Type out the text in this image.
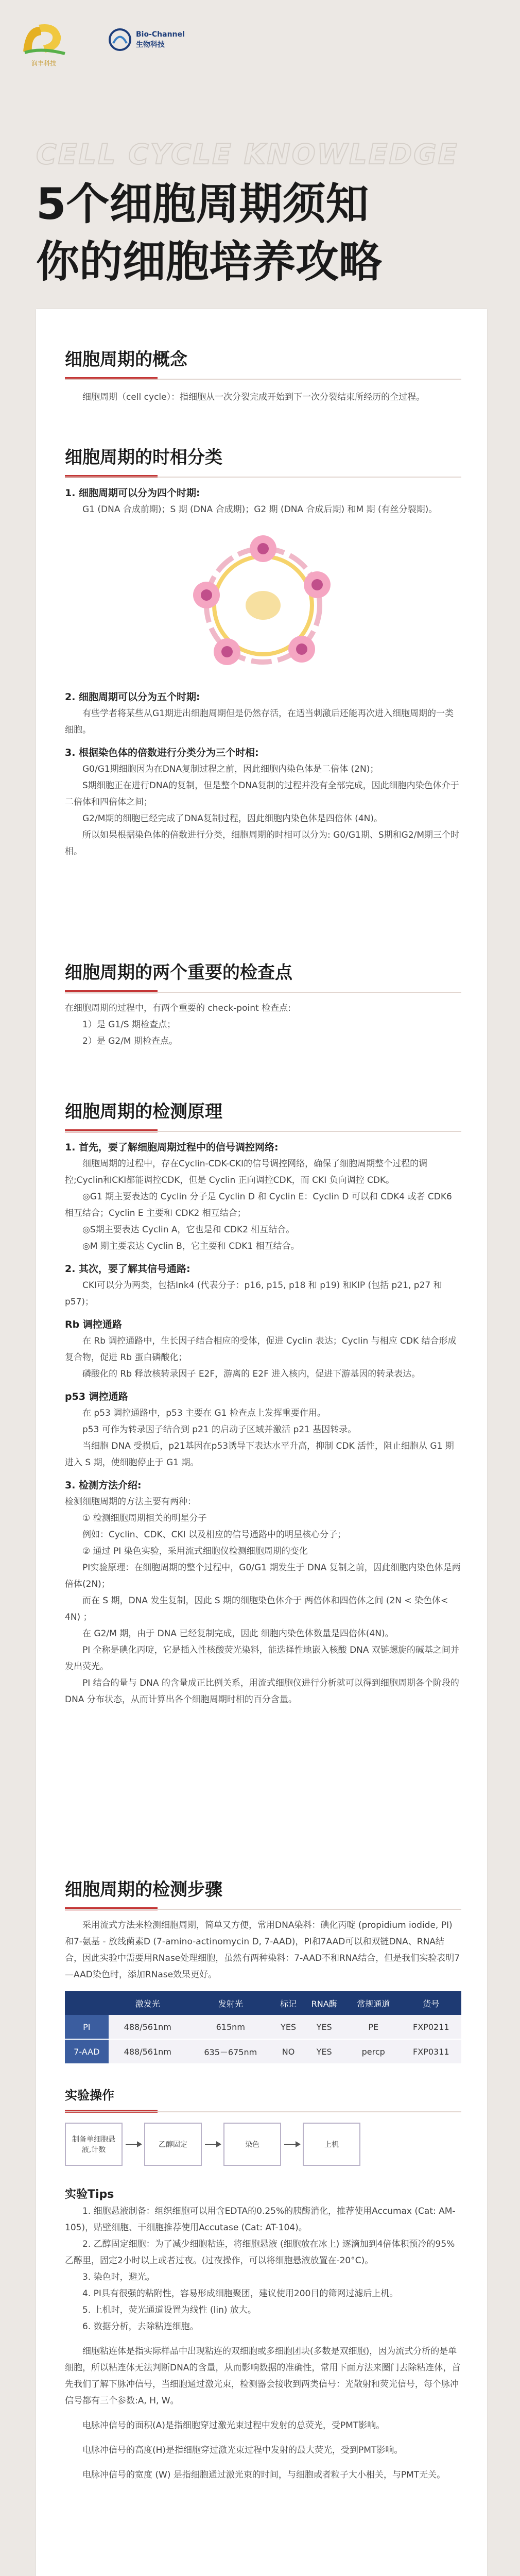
润丰科技
Bio-Channel
生物科技
CELL CYCLE KNOWLEDGE
5个细胞周期须知
你的细胞培养攻略
细胞周期的概念

细胞周期（cell cycle）：指细胞从一次分裂完成开始到下一次分裂结束所经历的全过程。

细胞周期的时相分类

1. 细胞周期可以分为四个时期:

G1 (DNA 合成前期)；S 期 (DNA 合成期)；G2 期 (DNA 合成后期) 和M 期 (有丝分裂期)。

2. 细胞周期可以分为五个时期:

有些学者将某些从G1期进出细胞周期但是仍然存活，在适当刺激后还能再次进入细胞周期的一类细胞。

3. 根据染色体的倍数进行分类分为三个时相:

G0/G1期细胞因为在DNA复制过程之前，因此细胞内染色体是二倍体 (2N)；

S期细胞正在进行DNA的复制，但是整个DNA复制的过程并没有全部完成，因此细胞内染色体介于二倍体和四倍体之间；

G2/M期的细胞已经完成了DNA复制过程，因此细胞内染色体是四倍体 (4N)。

所以如果根据染色体的倍数进行分类，细胞周期的时相可以分为: G0/G1期、S期和G2/M期三个时相。

细胞周期的两个重要的检查点

在细胞周期的过程中，有两个重要的 check-point 检查点:

1）是 G1/S 期检查点；

2）是 G2/M 期检查点。

细胞周期的检测原理

1. 首先，要了解细胞周期过程中的信号调控网络:

细胞周期的过程中，存在Cyclin-CDK-CKI的信号调控网络，确保了细胞周期整个过程的调控;Cyclin和CKI都能调控CDK，但是 Cyclin 正向调控CDK，而 CKI 负向调控 CDK。

◎G1 期主要表达的 Cyclin 分子是 Cyclin D 和 Cyclin E：Cyclin D 可以和 CDK4 或者 CDK6 相互结合；Cyclin E 主要和 CDK2 相互结合；

◎S期主要表达 Cyclin A，它也是和 CDK2 相互结合。

◎M 期主要表达 Cyclin B，它主要和 CDK1 相互结合。

2. 其次，要了解其信号通路:

CKI可以分为两类，包括Ink4 (代表分子：p16, p15, p18 和 p19) 和KIP (包括 p21, p27 和 p57)；

Rb 调控通路

在 Rb 调控通路中，生长因子结合相应的受体，促进 Cyclin 表达；Cyclin 与相应 CDK 结合形成复合物，促进 Rb 蛋白磷酸化；

磷酸化的 Rb 释放核转录因子 E2F，游离的 E2F 进入核内，促进下游基因的转录表达。

p53 调控通路

在 p53 调控通路中，p53 主要在 G1 检查点上发挥重要作用。

p53 可作为转录因子结合到 p21 的启动子区域并激活 p21 基因转录。

当细胞 DNA 受损后，p21基因在p53诱导下表达水平升高，抑制 CDK 活性，阻止细胞从 G1 期进入 S 期，使细胞停止于 G1 期。

3. 检测方法介绍:

检测细胞周期的方法主要有两种：

① 检测细胞周期相关的明星分子

例如：Cyclin、CDK、CKI 以及相应的信号通路中的明星核心分子；

② 通过 PI 染色实验，采用流式细胞仪检测细胞周期的变化

PI实验原理：在细胞周期的整个过程中，G0/G1 期发生于 DNA 复制之前，因此细胞内染色体是两倍体(2N)；

而在 S 期，DNA 发生复制，因此 S 期的细胞染色体介于 两倍体和四倍体之间 (2N < 染色体< 4N) ；

在 G2/M 期，由于 DNA 已经复制完成，因此 细胞内染色体数量是四倍体(4N)。

PI 全称是碘化丙啶，它是插入性核酸荧光染料，能选择性地嵌入核酸 DNA 双链螺旋的碱基之间并发出荧光。

PI 结合的量与 DNA 的含量成正比例关系，用流式细胞仪进行分析就可以得到细胞周期各个阶段的 DNA 分布状态，从而计算出各个细胞周期时相的百分含量。

细胞周期的检测步骤

采用流式方法来检测细胞周期，简单又方便，常用DNA染料：碘化丙啶 (propidium iodide, PI) 和7-氨基 - 放线菌素D (7-amino-actinomycin D, 7-AAD)，PI和7AAD可以和双链DNA、RNA结合，因此实验中需要用RNase处理细胞，虽然有两种染料：7-AAD不和RNA结合，但是我们实验表明7—AAD染色时，添加RNase效果更好。

	激发光	发射光	标记	RNA酶	常规通道	货号
PI	488/561nm	615nm	YES	YES	PE	FXP0211
7-AAD	488/561nm	635－675nm	NO	YES	percp	FXP0311
实验操作
制备单细胞悬液,计数
乙醇固定	染色	上机

实验Tips

1. 细胞悬液制备：组织细胞可以用含EDTA的0.25%的胰酶消化，推荐使用Accumax (Cat: AM-105)，贴壁细胞、干细胞推荐使用Accutase (Cat: AT-104)。

2. 乙醇固定细胞：为了减少细胞粘连，将细胞悬液 (细胞放在冰上) 逐滴加到4倍体积预冷的95%乙醇里，固定2小时以上或者过夜。(过夜操作，可以将细胞悬液放置在-20°C)。

3. 染色时，避光。

4. PI具有很强的粘附性，容易形成细胞聚团，建议使用200目的筛网过滤后上机。

5. 上机时，荧光通道设置为线性 (lin) 放大。

6. 数据分析，去除粘连细胞。

细胞粘连体是指实际样品中出现粘连的双细胞或多细胞团块(多数是双细胞)，因为流式分析的是单细胞，所以粘连体无法判断DNA的含量，从而影响数据的准确性，常用下面方法来圈门去除粘连体，首先我们了解下脉冲信号，当细胞通过激光束，检测器会接收到两类信号：光散射和荧光信号，每个脉冲信号都有三个参数:A, H, W。

电脉冲信号的面积(A)是指细胞穿过激光束过程中发射的总荧光，受PMT影响。

电脉冲信号的高度(H)是指细胞穿过激光束过程中发射的最大荧光，受到PMT影响。

电脉冲信号的宽度 (W) 是指细胞通过激光束的时间，与细胞或者粒子大小相关，与PMT无关。
